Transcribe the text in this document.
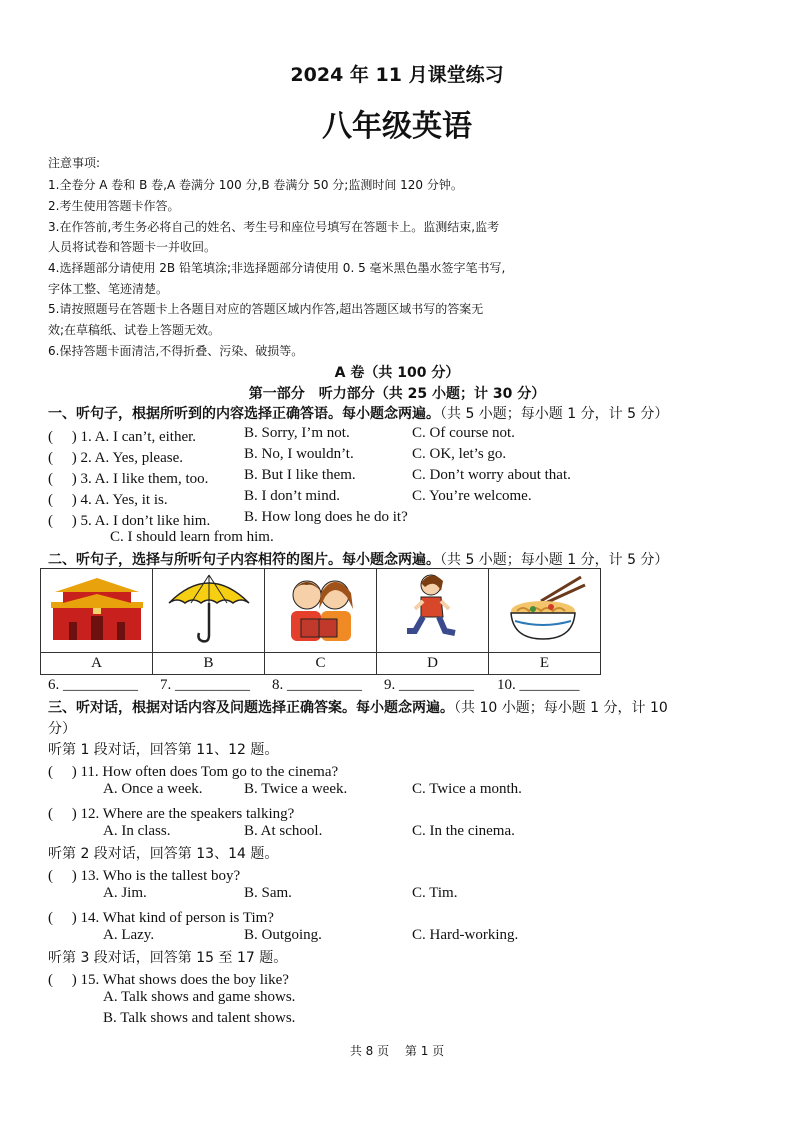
2024 年 11 月课堂练习
八年级英语
注意事项:
1.全卷分 A 卷和 B 卷,A 卷满分 100 分,B 卷满分 50 分;监测时间 120 分钟。
2.考生使用答题卡作答。
3.在作答前,考生务必将自己的姓名、考生号和座位号填写在答题卡上。监测结束,监考
人员将试卷和答题卡一并收回。
4.选择题部分请使用 2B 铅笔填涂;非选择题部分请使用 0. 5 毫米黑色墨水签字笔书写,
字体工整、笔迹清楚。
5.请按照题号在答题卡上各题目对应的答题区域内作答,超出答题区域书写的答案无
效;在草稿纸、试卷上答题无效。
6.保持答题卡面清洁,不得折叠、污染、破损等。
A 卷（共 100 分）
第一部分　听力部分（共 25 小题；计 30 分）
一、听句子，根据所听到的内容选择正确答语。每小题念两遍。（共 5 小题；每小题 1 分，计 5 分）
(　 ) 1. A. I can’t, either.	B. Sorry, I’m not.	C. Of course not.
(　 ) 2. A. Yes, please.	B. No, I wouldn’t.	C. OK, let’s go.
(　 ) 3. A. I like them, too. B. But I like them.	C. Don’t worry about that.
(　 ) 4. A. Yes, it is.	B. I don’t mind.	C. You’re welcome.
(　 ) 5. A. I don’t like him. B. How long does he do it?
C. I should learn from him.
二、听句子，选择与所听句子内容相符的图片。每小题念两遍。（共 5 小题；每小题 1 分，计 5 分）

A	B	C	D	E
6. __________ 7. __________ 8. __________ 9. __________ 10. ________
三、听对话，根据对话内容及问题选择正确答案。每小题念两遍。（共 10 小题；每小题 1 分，计 10
分）
听第 1 段对话，回答第 11、12 题。
(　 ) 11. How often does Tom go to the cinema?
A. Once a week.	B. Twice a week.	C. Twice a month.
(　 ) 12. Where are the speakers talking?
A. In class.	B. At school.	C. In the cinema.
听第 2 段对话，回答第 13、14 题。
(　 ) 13. Who is the tallest boy?
A. Jim.	B. Sam.	C. Tim.
(　 ) 14. What kind of person is Tim?
A. Lazy.	B. Outgoing.	C. Hard-working.
听第 3 段对话，回答第 15 至 17 题。
(　 ) 15. What shows does the boy like?
A. Talk shows and game shows.
B. Talk shows and talent shows.
共 8 页　 第 1 页
